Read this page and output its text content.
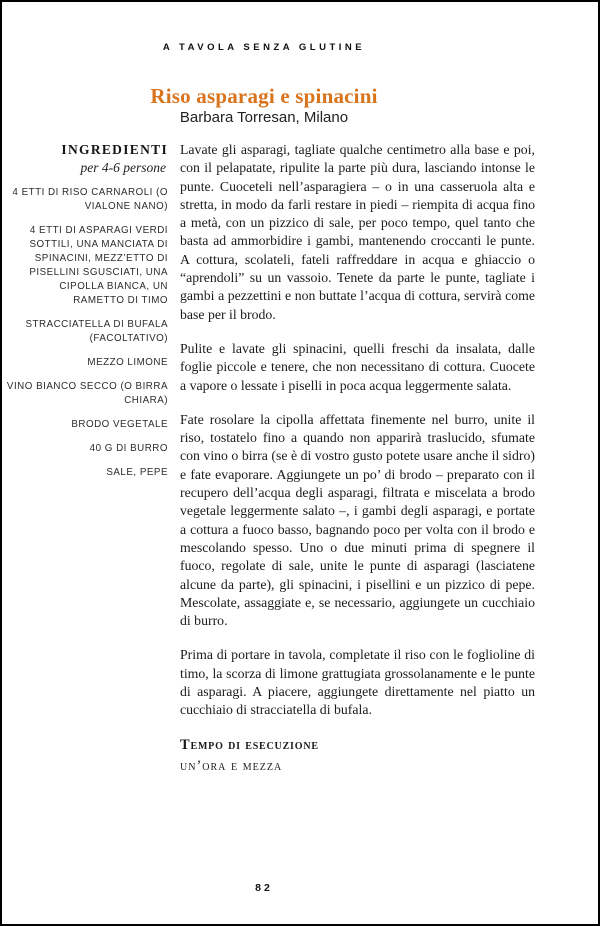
A TAVOLA SENZA GLUTINE
Riso asparagi e spinacini
Barbara Torresan, Milano
INGREDIENTI
per 4-6 persone
4 ETTI DI RISO CARNAROLI (O VIALONE NANO)
4 ETTI DI ASPARAGI VERDI SOTTILI, UNA MANCIATA DI SPINACINI, MEZZ’ETTO DI PISELLINI SGUSCIATI, UNA CIPOLLA BIANCA, UN RAMETTO DI TIMO
STRACCIATELLA DI BUFALA (FACOLTATIVO)
MEZZO LIMONE
VINO BIANCO SECCO (O BIRRA CHIARA)
BRODO VEGETALE
40 G DI BURRO
SALE, PEPE

Lavate gli asparagi, tagliate qualche centimetro alla base e poi, con il pelapatate, ripulite la parte più dura, lasciando intonse le punte. Cuoceteli nell’asparagiera – o in una casseruola alta e stretta, in modo da farli restare in piedi – riempita di acqua fino a metà, con un pizzico di sale, per poco tempo, quel tanto che basta ad ammorbidire i gambi, mantenendo croccanti le punte. A cottura, scolateli, fateli raffreddare in acqua e ghiaccio o “aprendoli” su un vassoio. Tenete da parte le punte, tagliate i gambi a pezzettini e non buttate l’acqua di cottura, servirà come base per il brodo.

Pulite e lavate gli spinacini, quelli freschi da insalata, dalle foglie piccole e tenere, che non necessitano di cottura. Cuocete a vapore o lessate i piselli in poca acqua leggermente salata.

Fate rosolare la cipolla affettata finemente nel burro, unite il riso, tostatelo fino a quando non apparirà traslucido, sfumate con vino o birra (se è di vostro gusto potete usare anche il sidro) e fate evaporare. Aggiungete un po’ di brodo – preparato con il recupero dell’acqua degli asparagi, filtrata e miscelata a brodo vegetale leggermente salato –, i gambi degli asparagi, e portate a cottura a fuoco basso, bagnando poco per volta con il brodo e mescolando spesso. Uno o due minuti prima di spegnere il fuoco, regolate di sale, unite le punte di asparagi (lasciatene alcune da parte), gli spinacini, i pisellini e un pizzico di pepe. Mescolate, assaggiate e, se necessario, aggiungete un cucchiaio di burro.

Prima di portare in tavola, completate il riso con le foglioline di timo, la scorza di limone grattugiata grossolanamente e le punte di asparagi. A piacere, aggiungete direttamente nel piatto un cucchiaio di stracciatella di bufala.

Tempo di esecuzione
un’ora e mezza
82
